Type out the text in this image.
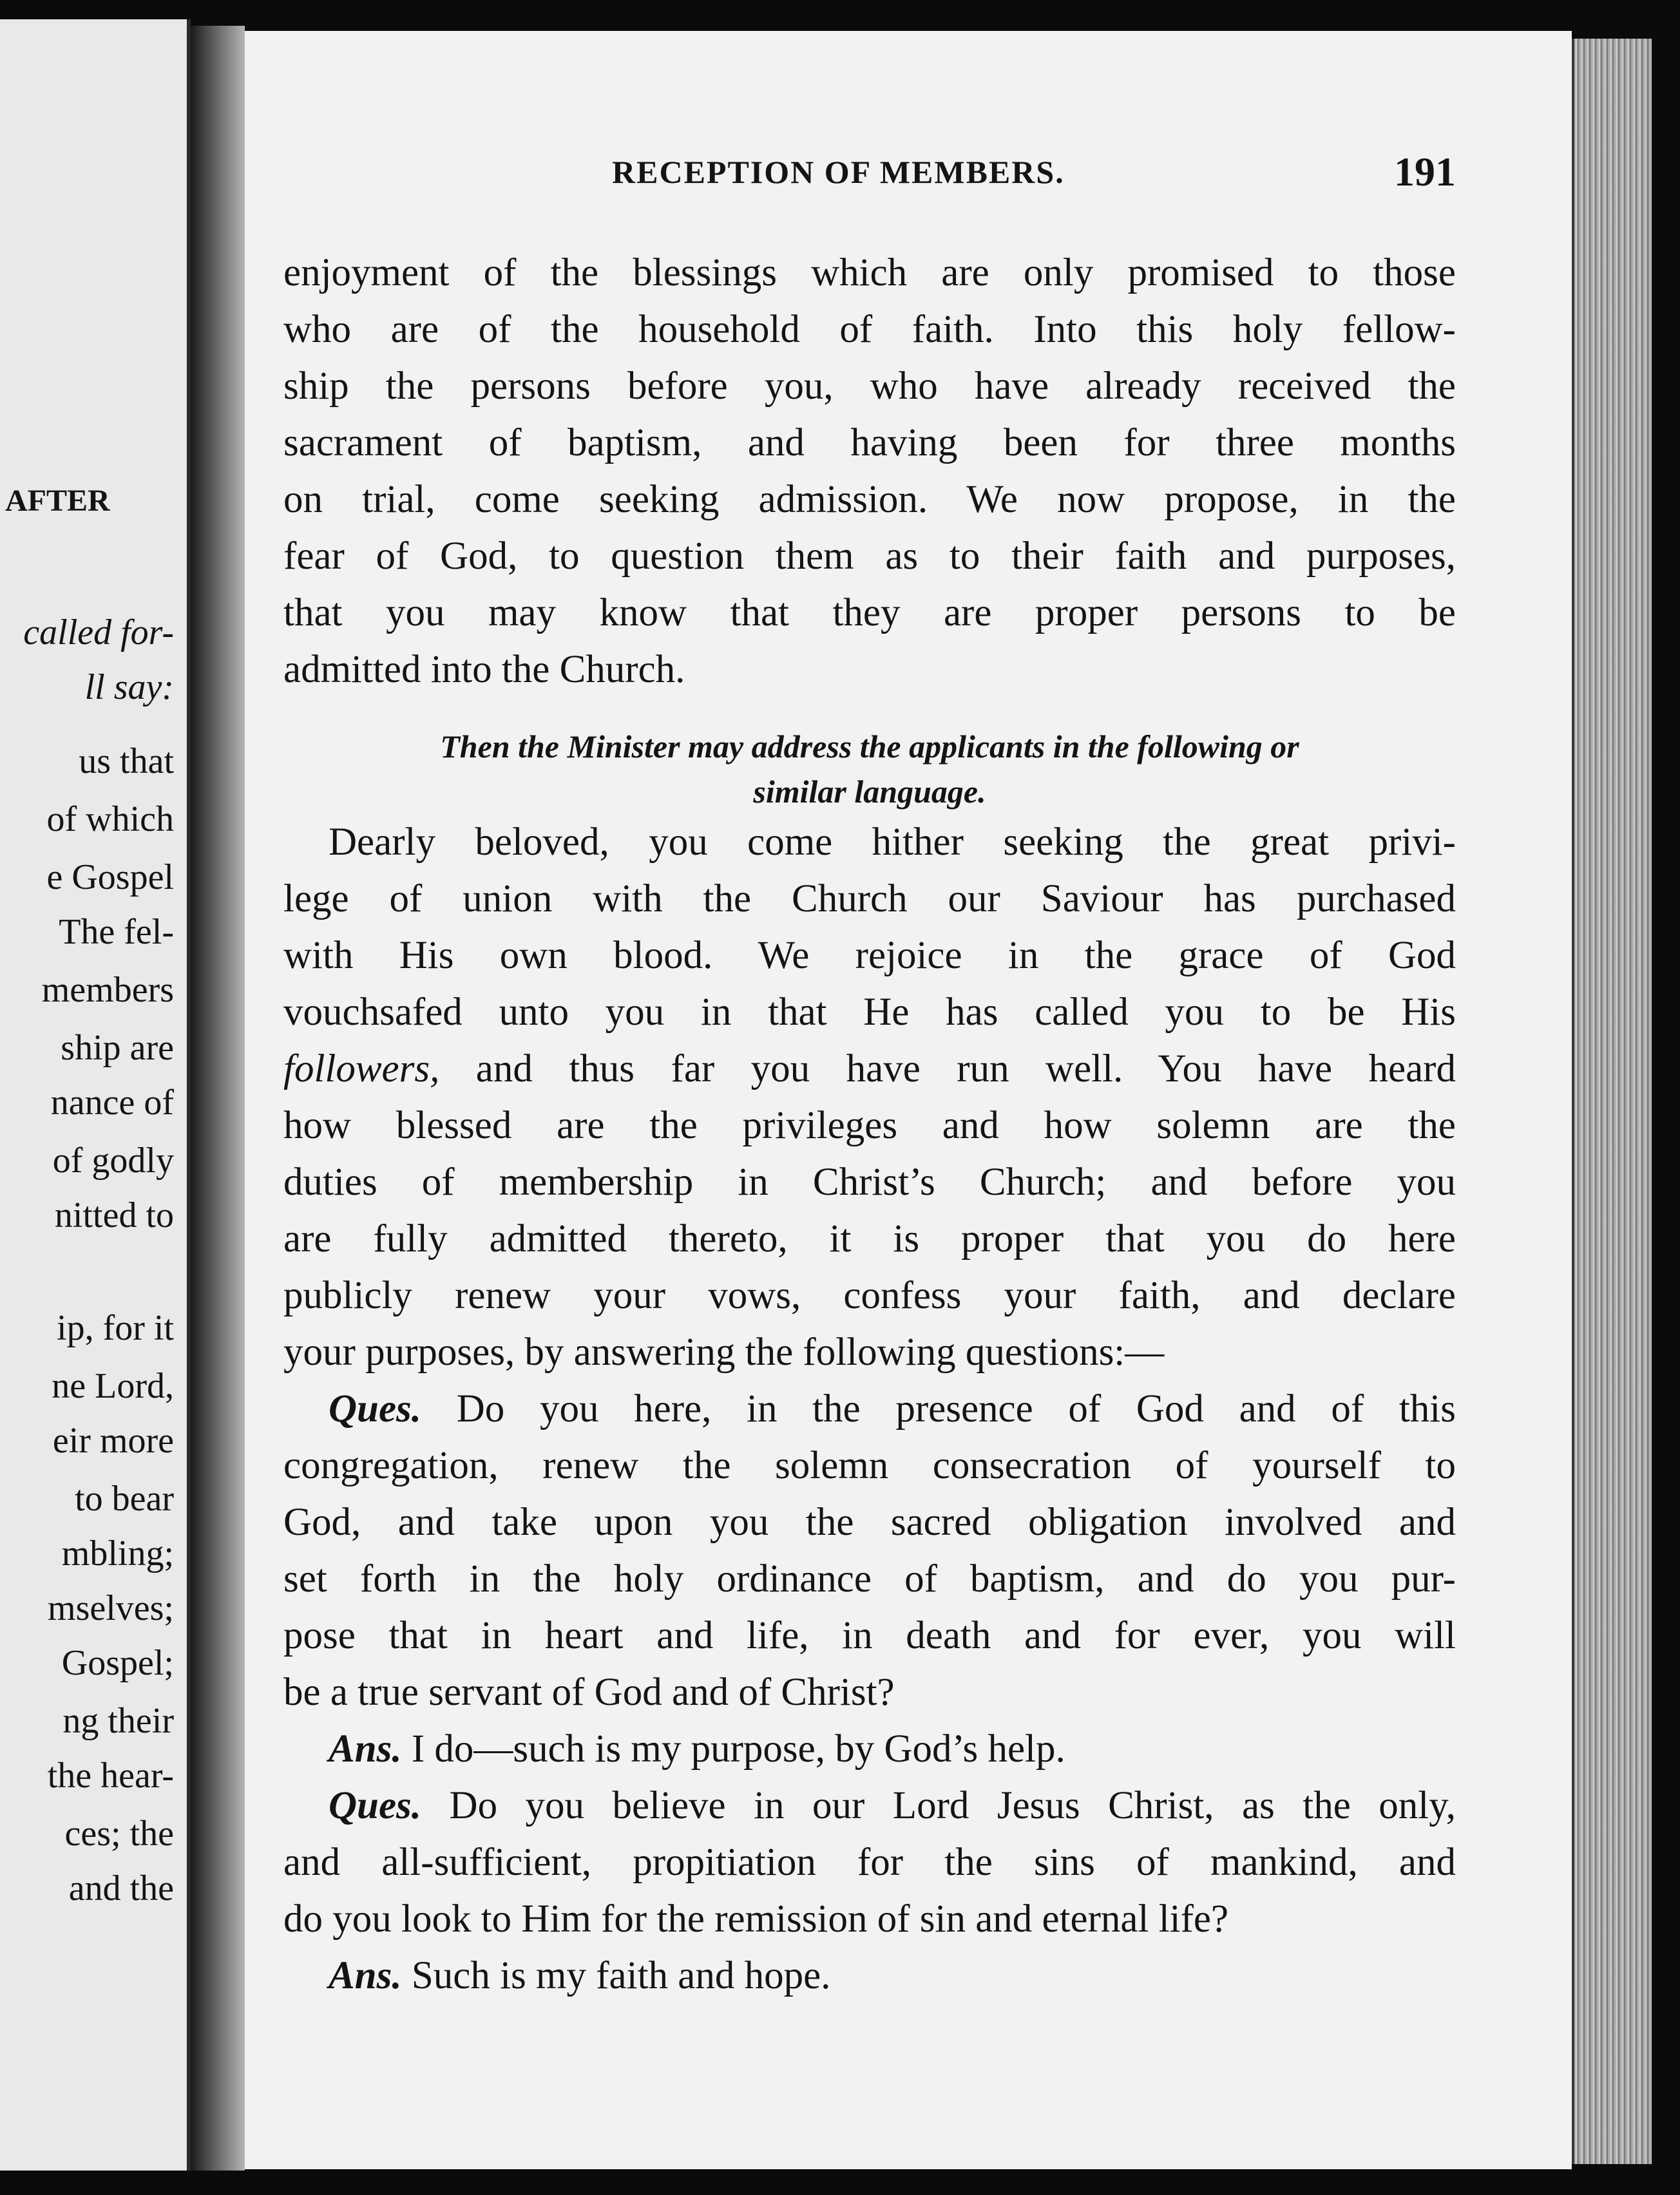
AFTER
called for-
ll say:
us that
of which
e Gospel
The fel-
members
ship are
nance of
of godly
nitted to
ip, for it
ne Lord,
eir more
to bear
mbling;
mselves;
Gospel;
ng their
the hear-
ces; the
and the
RECEPTION OF MEMBERS.	191
enjoyment of the blessings which are only promised to those
who are of the household of faith. Into this holy fellow-
ship the persons before you, who have already received the
sacrament of baptism, and having been for three months
on trial, come seeking admission. We now propose, in the
fear of God, to question them as to their faith and purposes,
that you may know that they are proper persons to be
admitted into the Church.
Then the Minister may address the applicants in the following or
similar language.
Dearly beloved, you come hither seeking the great privi-
lege of union with the Church our Saviour has purchased
with His own blood. We rejoice in the grace of God
vouchsafed unto you in that He has called you to be His
followers, and thus far you have run well. You have heard
how blessed are the privileges and how solemn are the
duties of membership in Christ’s Church; and before you
are fully admitted thereto, it is proper that you do here
publicly renew your vows, confess your faith, and declare
your purposes, by answering the following questions:—
Ques. Do you here, in the presence of God and of this
congregation, renew the solemn consecration of yourself to
God, and take upon you the sacred obligation involved and
set forth in the holy ordinance of baptism, and do you pur-
pose that in heart and life, in death and for ever, you will
be a true servant of God and of Christ?
Ans. I do—such is my purpose, by God’s help.
Ques. Do you believe in our Lord Jesus Christ, as the only,
and all-sufficient, propitiation for the sins of mankind, and
do you look to Him for the remission of sin and eternal life?
Ans. Such is my faith and hope.
